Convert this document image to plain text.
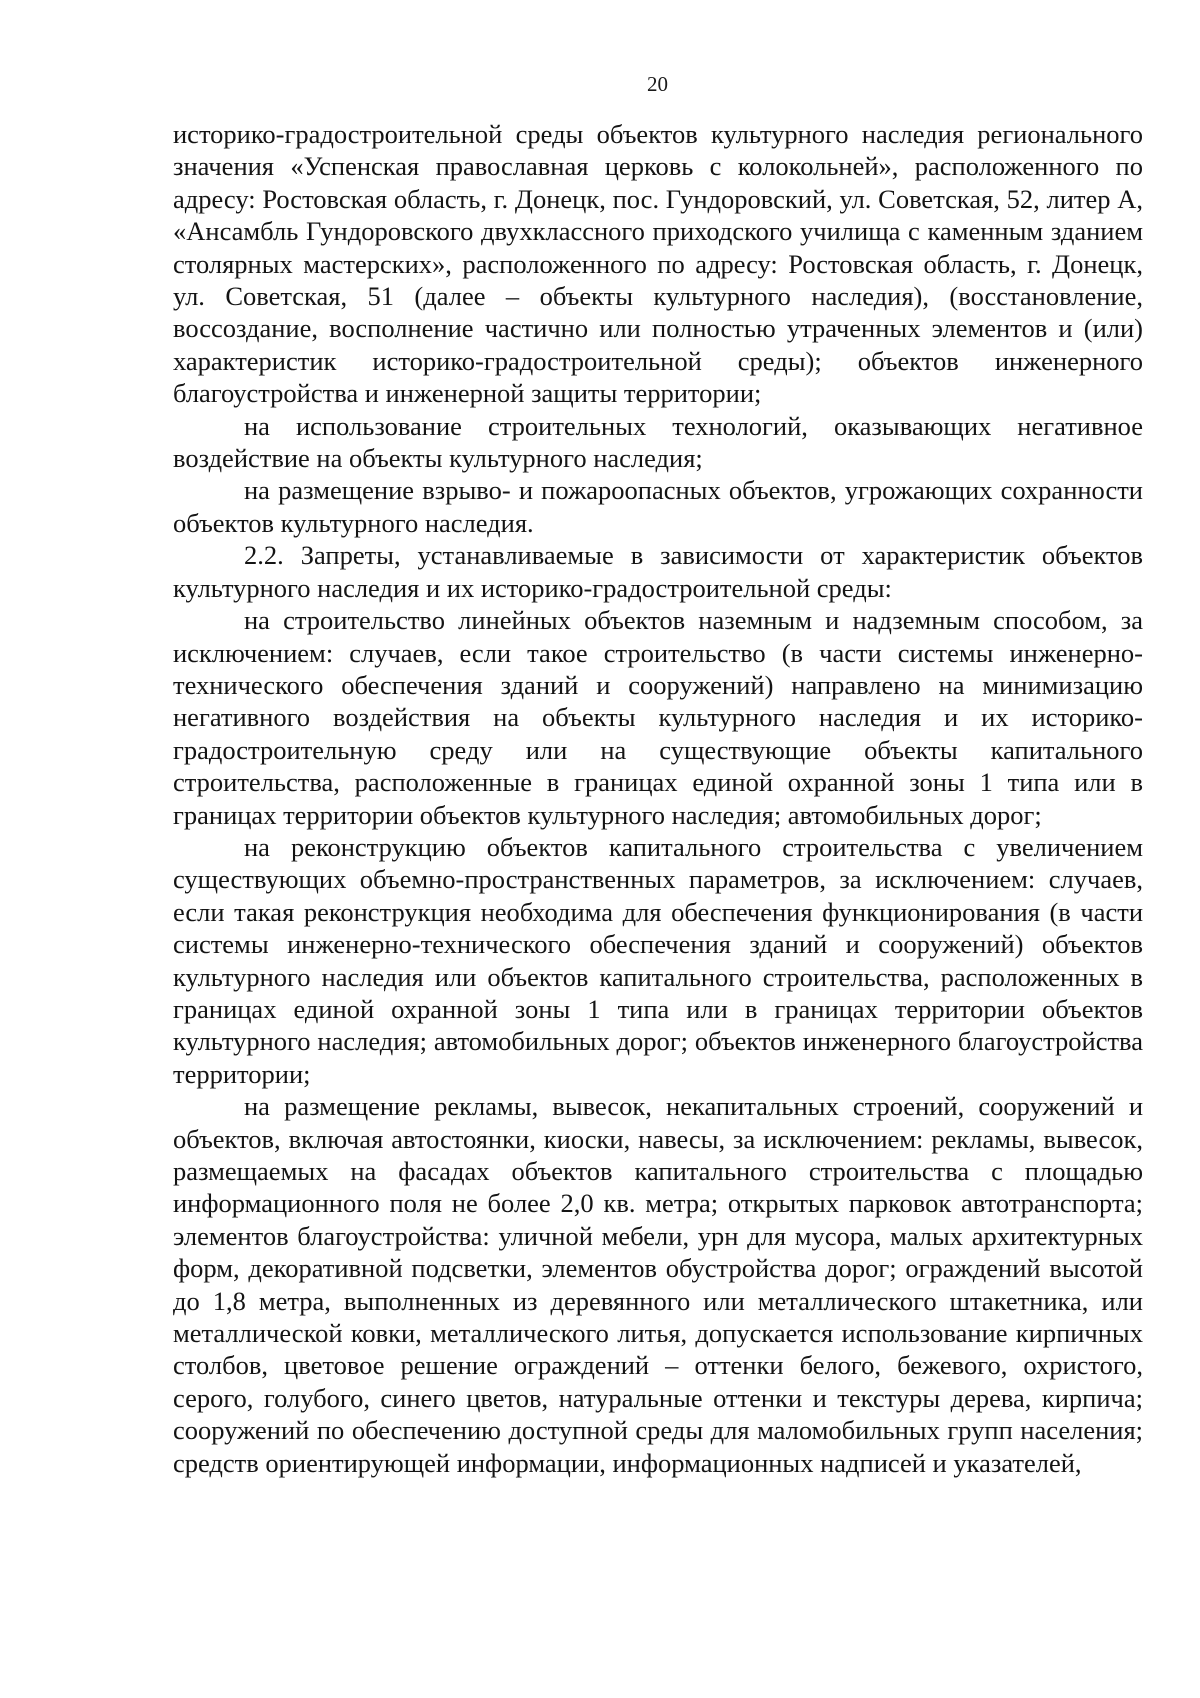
20

историко-градостроительной среды объектов культурного наследия регионального значения «Успенская православная церковь с колокольней», расположенного по адресу: Ростовская область, г. Донецк, пос. Гундоровский, ул. Советская, 52, литер А, «Ансамбль Гундоровского двухклассного приходского училища с каменным зданием столярных мастерских», расположенного по адресу: Ростовская область, г. Донецк, ул. Советская, 51 (далее – объекты культурного наследия), (восстановление, воссоздание, восполнение частично или полностью утраченных элементов и (или) характеристик историко-градостроительной среды); объектов инженерного благоустройства и инженерной защиты территории;

на использование строительных технологий, оказывающих негативное воздействие на объекты культурного наследия;

на размещение взрыво- и пожароопасных объектов, угрожающих сохранности объектов культурного наследия.

2.2. Запреты, устанавливаемые в зависимости от характеристик объектов культурного наследия и их историко-градостроительной среды:

на строительство линейных объектов наземным и надземным способом, за исключением: случаев, если такое строительство (в части системы инженерно-технического обеспечения зданий и сооружений) направлено на минимизацию негативного воздействия на объекты культурного наследия и их историко-градостроительную среду или на существующие объекты капитального строительства, расположенные в границах единой охранной зоны 1 типа или в границах территории объектов культурного наследия; автомобильных дорог;

на реконструкцию объектов капитального строительства с увеличением существующих объемно-пространственных параметров, за исключением: случаев, если такая реконструкция необходима для обеспечения функционирования (в части системы инженерно-технического обеспечения зданий и сооружений) объектов культурного наследия или объектов капитального строительства, расположенных в границах единой охранной зоны 1 типа или в границах территории объектов культурного наследия; автомобильных дорог; объектов инженерного благоустройства территории;

на размещение рекламы, вывесок, некапитальных строений, сооружений и объектов, включая автостоянки, киоски, навесы, за исключением: рекламы, вывесок, размещаемых на фасадах объектов капитального строительства с площадью информационного поля не более 2,0 кв. метра; открытых парковок автотранспорта; элементов благоустройства: уличной мебели, урн для мусора, малых архитектурных форм, декоративной подсветки, элементов обустройства дорог; ограждений высотой до 1,8 метра, выполненных из деревянного или металлического штакетника, или металлической ковки, металлического литья, допускается использование кирпичных столбов, цветовое решение ограждений – оттенки белого, бежевого, охристого, серого, голубого, синего цветов, натуральные оттенки и текстуры дерева, кирпича; сооружений по обеспечению доступной среды для маломобильных групп населения; средств ориентирующей информации, информационных надписей и указателей,
